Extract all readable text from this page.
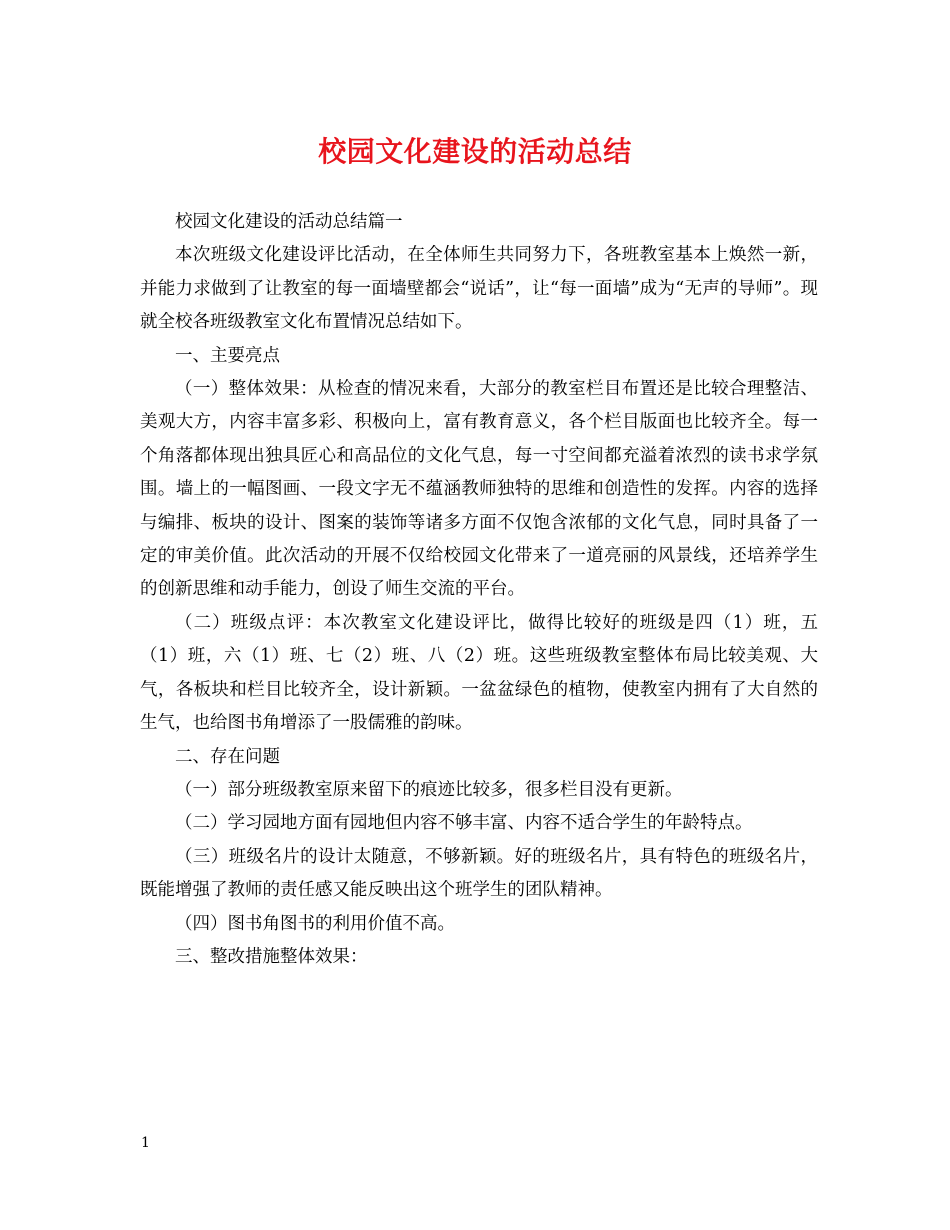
校园文化建设的活动总结

校园文化建设的活动总结篇一

本次班级文化建设评比活动，在全体师生共同努力下，各班教室基本上焕然一新，并能力求做到了让教室的每一面墙壁都会“说话”，让“每一面墙”成为“无声的导师”。现就全校各班级教室文化布置情况总结如下。

一、主要亮点

（一）整体效果：从检查的情况来看，大部分的教室栏目布置还是比较合理整洁、美观大方，内容丰富多彩、积极向上，富有教育意义，各个栏目版面也比较齐全。每一个角落都体现出独具匠心和高品位的文化气息，每一寸空间都充溢着浓烈的读书求学氛围。墙上的一幅图画、一段文字无不蕴涵教师独特的思维和创造性的发挥。内容的选择与编排、板块的设计、图案的装饰等诸多方面不仅饱含浓郁的文化气息，同时具备了一定的审美价值。此次活动的开展不仅给校园文化带来了一道亮丽的风景线，还培养学生的创新思维和动手能力，创设了师生交流的平台。

（二）班级点评：本次教室文化建设评比，做得比较好的班级是四（1）班，五（1）班，六（1）班、七（2）班、八（2）班。这些班级教室整体布局比较美观、大气，各板块和栏目比较齐全，设计新颖。一盆盆绿色的植物，使教室内拥有了大自然的生气，也给图书角增添了一股儒雅的韵味。

二、存在问题

（一）部分班级教室原来留下的痕迹比较多，很多栏目没有更新。

（二）学习园地方面有园地但内容不够丰富、内容不适合学生的年龄特点。

（三）班级名片的设计太随意，不够新颖。好的班级名片，具有特色的班级名片，既能增强了教师的责任感又能反映出这个班学生的团队精神。

（四）图书角图书的利用价值不高。

三、整改措施整体效果：

1
